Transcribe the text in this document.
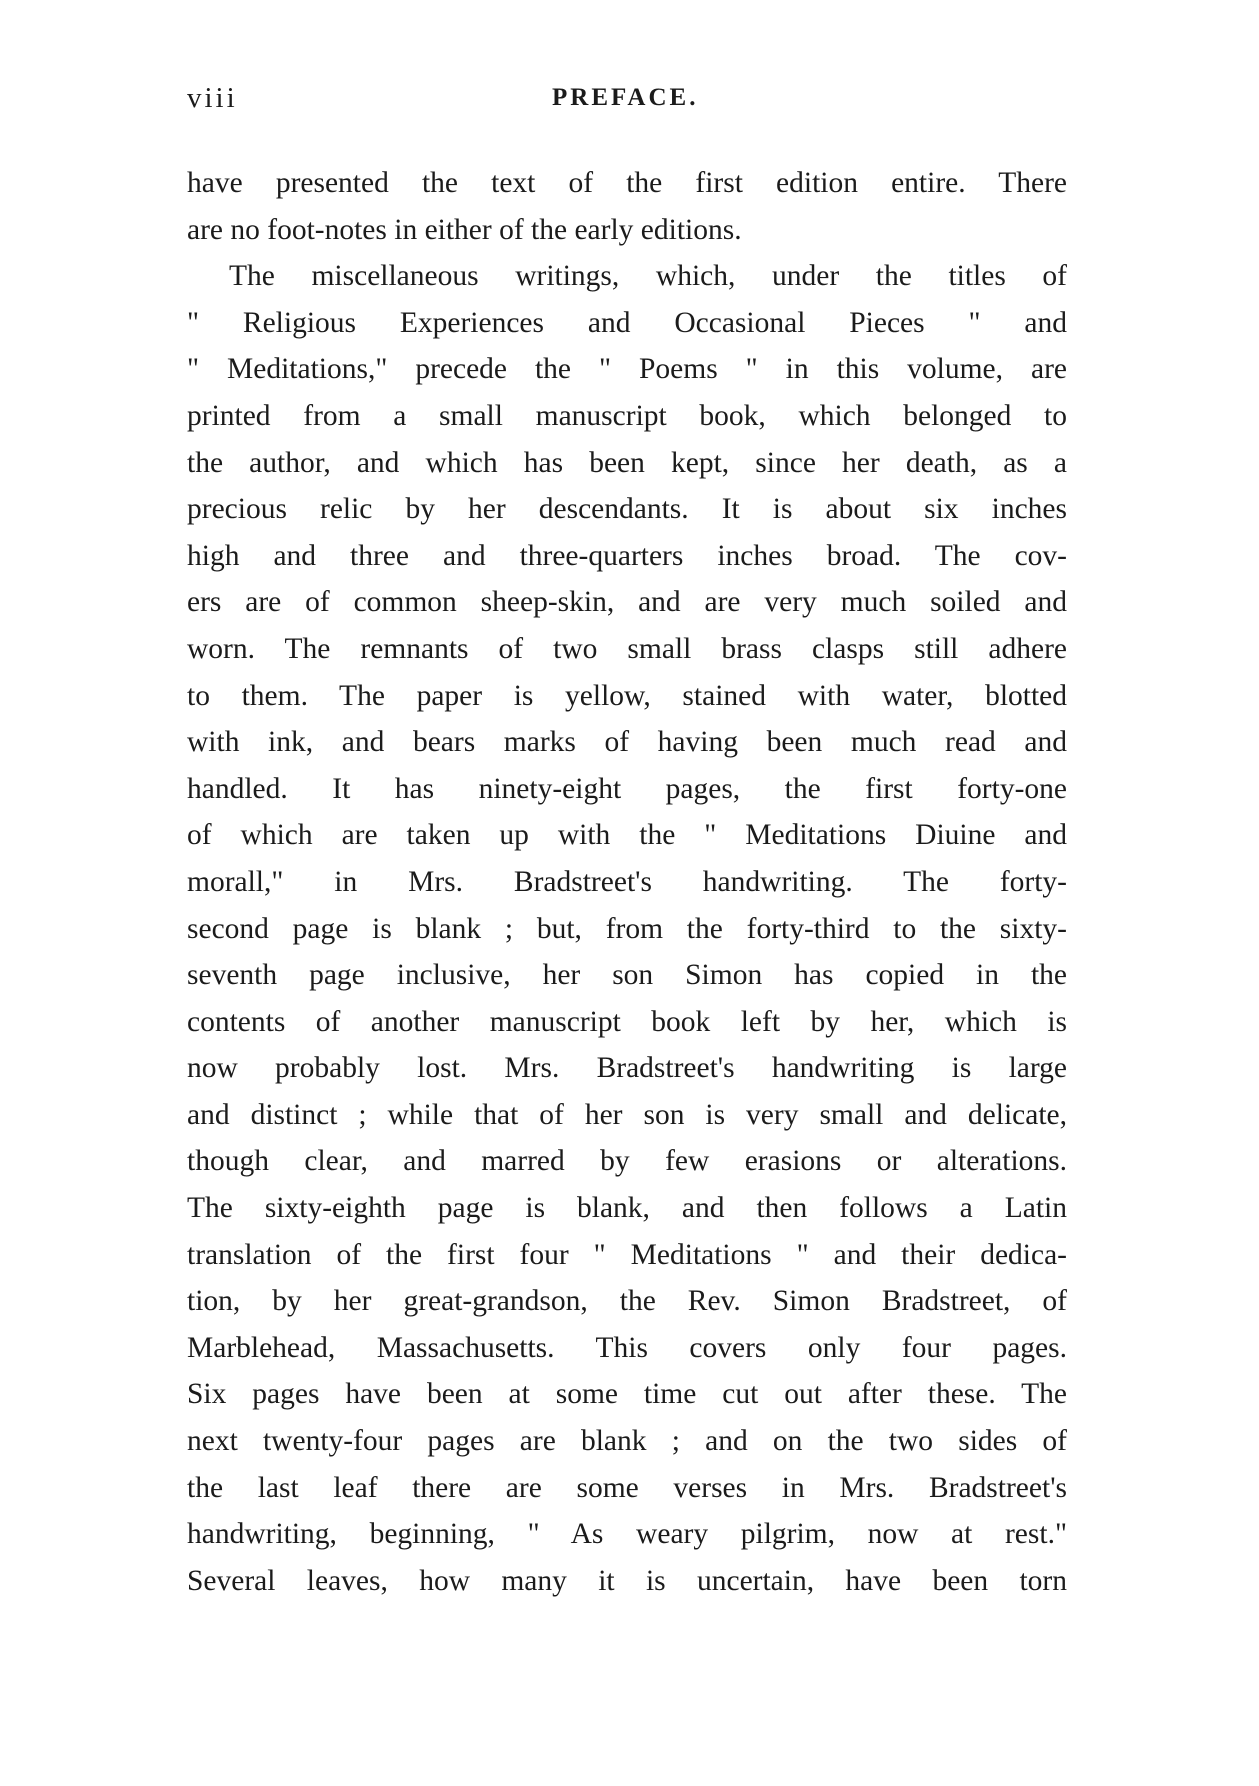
viii	PREFACE.
have presented the text of the first edition entire. There
are no foot-notes in either of the early editions.
The miscellaneous writings, which, under the titles of
" Religious Experiences and Occasional Pieces " and
" Meditations," precede the " Poems " in this volume, are
printed from a small manuscript book, which belonged to
the author, and which has been kept, since her death, as a
precious relic by her descendants. It is about six inches
high and three and three-quarters inches broad. The cov-
ers are of common sheep-skin, and are very much soiled and
worn. The remnants of two small brass clasps still adhere
to them. The paper is yellow, stained with water, blotted
with ink, and bears marks of having been much read and
handled. It has ninety-eight pages, the first forty-one
of which are taken up with the " Meditations Diuine and
morall," in Mrs. Bradstreet's handwriting. The forty-
second page is blank ; but, from the forty-third to the sixty-
seventh page inclusive, her son Simon has copied in the
contents of another manuscript book left by her, which is
now probably lost. Mrs. Bradstreet's handwriting is large
and distinct ; while that of her son is very small and delicate,
though clear, and marred by few erasions or alterations.
The sixty-eighth page is blank, and then follows a Latin
translation of the first four " Meditations " and their dedica-
tion, by her great-grandson, the Rev. Simon Bradstreet, of
Marblehead, Massachusetts. This covers only four pages.
Six pages have been at some time cut out after these. The
next twenty-four pages are blank ; and on the two sides of
the last leaf there are some verses in Mrs. Bradstreet's
handwriting, beginning, " As weary pilgrim, now at rest."
Several leaves, how many it is uncertain, have been torn
